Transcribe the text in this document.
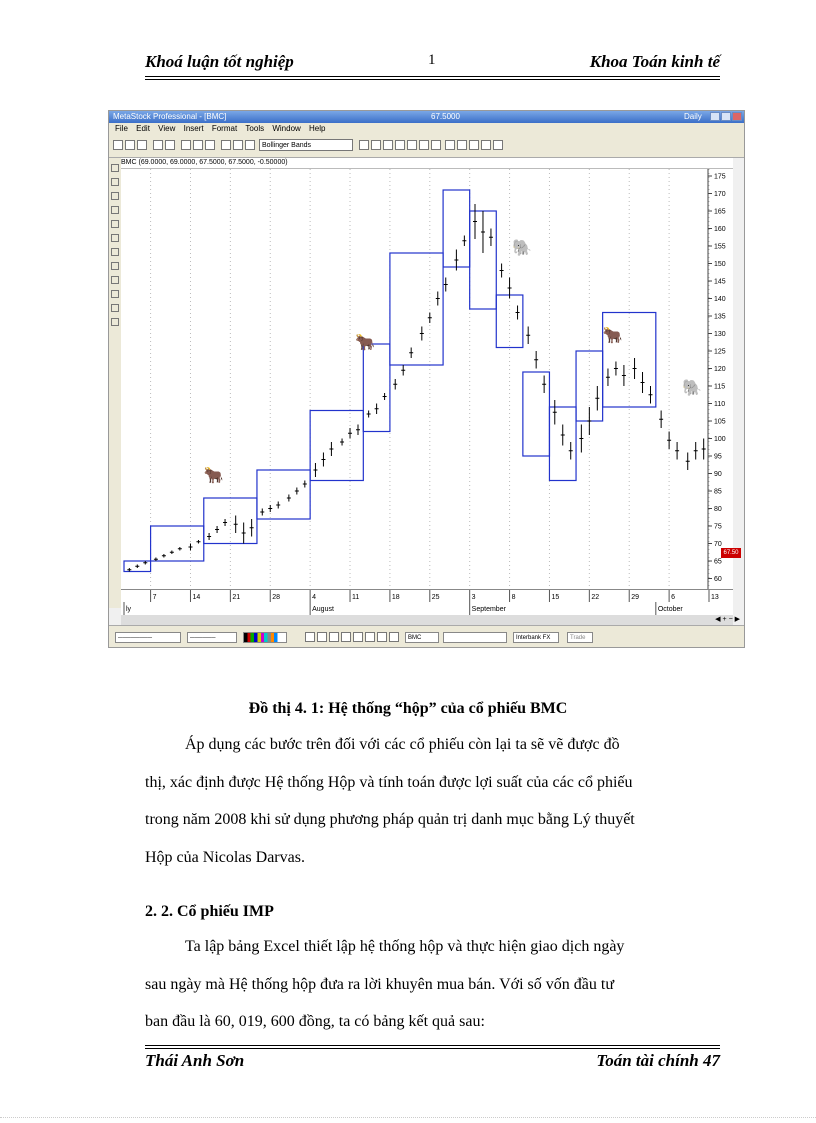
Khoá luận tốt nghiệp	1	Khoa Toán kinh tế
MetaStock Professional - [BMC]	67.5000	Daily
File Edit View Insert Format Tools Window Help
Bollinger Bands
BMC (69.0000, 69.0000, 67.5000, 67.5000, -0.50000)
60
65
70
75
80
85
90
95
100
105
110
115
120
125
130
135
140
145
150
155
160
165
170
175
🐂
🐂	🐂
🐘
🐘
67.50
7	14	21	28	4	11	18	25	3	8	15	22	29	6	13
ly	August	September	October
◀ + − ▶
────────	──────	BMC	Interbank FX	Trade
Đồ thị 4. 1: Hệ thống “hộp” của cổ phiếu BMC
Áp dụng các bước trên đối với các cổ phiếu còn lại ta sẽ vẽ được đồ
thị, xác định được Hệ thống Hộp và tính toán được lợi suất của các cổ phiếu
trong năm 2008 khi sử dụng phương pháp quản trị danh mục bằng Lý thuyết
Hộp của Nicolas Darvas.
2. 2. Cổ phiếu IMP
Ta lập bảng Excel thiết lập hệ thống hộp và thực hiện giao dịch ngày
sau ngày mà Hệ thống hộp đưa ra lời khuyên mua bán. Với số vốn đầu tư
ban đầu là 60, 019, 600 đồng, ta có bảng kết quả sau:
Thái Anh Sơn	Toán tài chính 47
